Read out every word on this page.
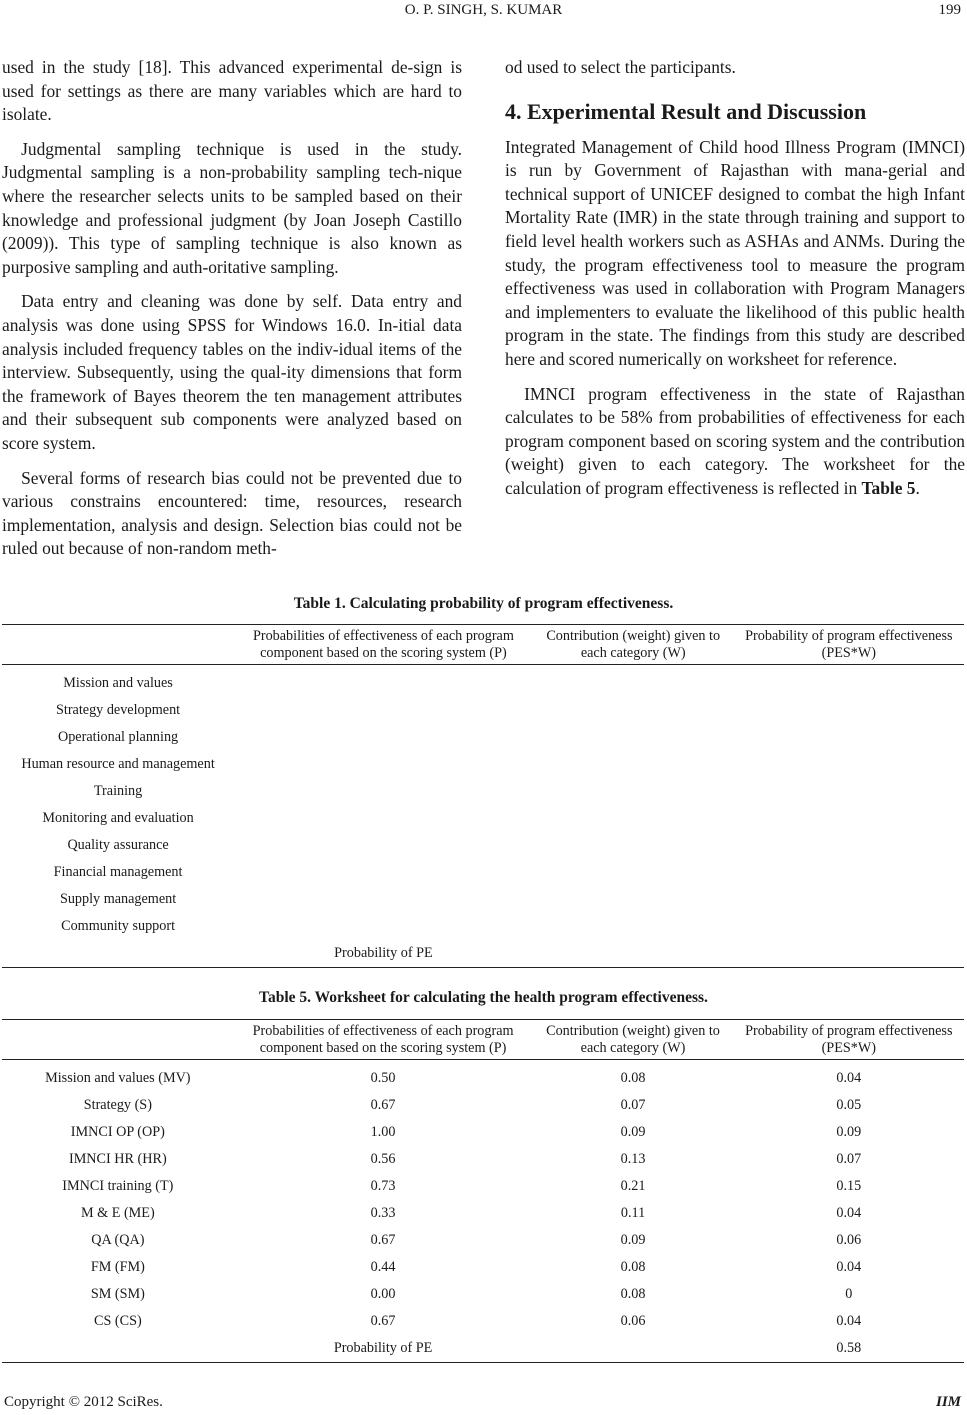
O. P. SINGH, S. KUMAR	199

used in the study [18]. This advanced experimental de-sign is used for settings as there are many variables which are hard to isolate.

Judgmental sampling technique is used in the study. Judgmental sampling is a non-probability sampling tech-nique where the researcher selects units to be sampled based on their knowledge and professional judgment (by Joan Joseph Castillo (2009)). This type of sampling technique is also known as purposive sampling and auth-oritative sampling.

Data entry and cleaning was done by self. Data entry and analysis was done using SPSS for Windows 16.0. In-itial data analysis included frequency tables on the indiv-idual items of the interview. Subsequently, using the qual-ity dimensions that form the framework of Bayes theorem the ten management attributes and their subsequent sub components were analyzed based on score system.

Several forms of research bias could not be prevented due to various constrains encountered: time, resources, research implementation, analysis and design. Selection bias could not be ruled out because of non-random meth-

od used to select the participants.

4. Experimental Result and Discussion

Integrated Management of Child hood Illness Program (IMNCI) is run by Government of Rajasthan with mana-gerial and technical support of UNICEF designed to combat the high Infant Mortality Rate (IMR) in the state through training and support to field level health workers such as ASHAs and ANMs. During the study, the program effectiveness tool to measure the program effectiveness was used in collaboration with Program Managers and implementers to evaluate the likelihood of this public health program in the state. The findings from this study are described here and scored numerically on worksheet for reference.

IMNCI program effectiveness in the state of Rajasthan calculates to be 58% from probabilities of effectiveness for each program component based on scoring system and the contribution (weight) given to each category. The worksheet for the calculation of program effectiveness is reflected in Table 5.

Table 1. Calculating probability of program effectiveness.
	Probabilities of effectiveness of each program component based on the scoring system (P)	Contribution (weight) given to each category (W)	Probability of program effectiveness (PES*W)
Mission and values			
Strategy development			
Operational planning			
Human resource and management			
Training			
Monitoring and evaluation			
Quality assurance			
Financial management			
Supply management			
Community support			
	Probability of PE		
Table 5. Worksheet for calculating the health program effectiveness.
	Probabilities of effectiveness of each program component based on the scoring system (P)	Contribution (weight) given to each category (W)	Probability of program effectiveness (PES*W)
Mission and values (MV)	0.50	0.08	0.04
Strategy (S)	0.67	0.07	0.05
IMNCI OP (OP)	1.00	0.09	0.09
IMNCI HR (HR)	0.56	0.13	0.07
IMNCI training (T)	0.73	0.21	0.15
M & E (ME)	0.33	0.11	0.04
QA (QA)	0.67	0.09	0.06
FM (FM)	0.44	0.08	0.04
SM (SM)	0.00	0.08	0
CS (CS)	0.67	0.06	0.04
	Probability of PE		0.58
Copyright © 2012 SciRes.	IIM
